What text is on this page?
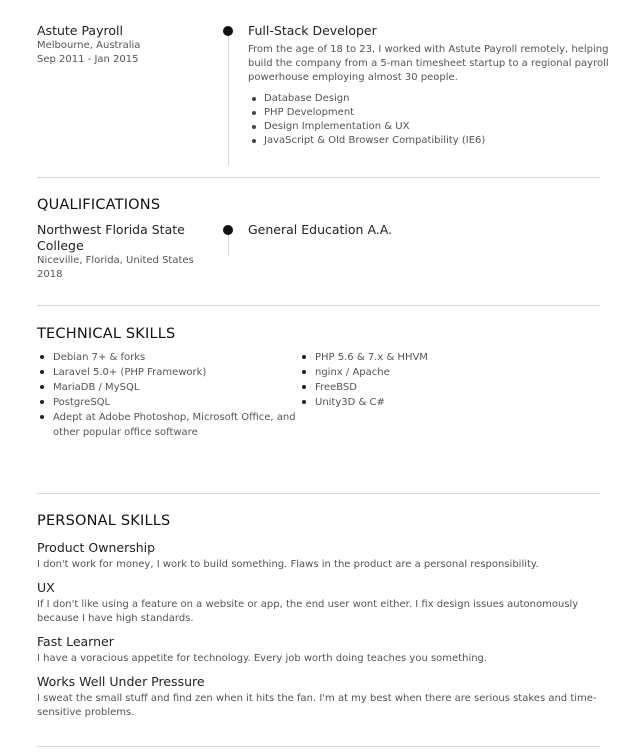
Astute Payroll
Melbourne, Australia
Sep 2011 - Jan 2015
Full-Stack Developer
From the age of 18 to 23, I worked with Astute Payroll remotely, helping build the company from a 5-man timesheet startup to a regional payroll powerhouse employing almost 30 people.
Database Design
PHP Development
Design Implementation & UX
JavaScript & Old Browser Compatibility (IE6)
QUALIFICATIONS
Northwest Florida State College
Niceville, Florida, United States
2018
General Education A.A.
TECHNICAL SKILLS
Debian 7+ & forks
Laravel 5.0+ (PHP Framework)
MariaDB / MySQL
PostgreSQL
Adept at Adobe Photoshop, Microsoft Office, and other popular office software
PHP 5.6 & 7.x & HHVM
nginx / Apache
FreeBSD
Unity3D & C#
PERSONAL SKILLS
Product Ownership
I don't work for money, I work to build something. Flaws in the product are a personal responsibility.
UX
If I don't like using a feature on a website or app, the end user wont either. I fix design issues autonomously because I have high standards.
Fast Learner
I have a voracious appetite for technology. Every job worth doing teaches you something.
Works Well Under Pressure
I sweat the small stuff and find zen when it hits the fan. I'm at my best when there are serious stakes and time-sensitive problems.
